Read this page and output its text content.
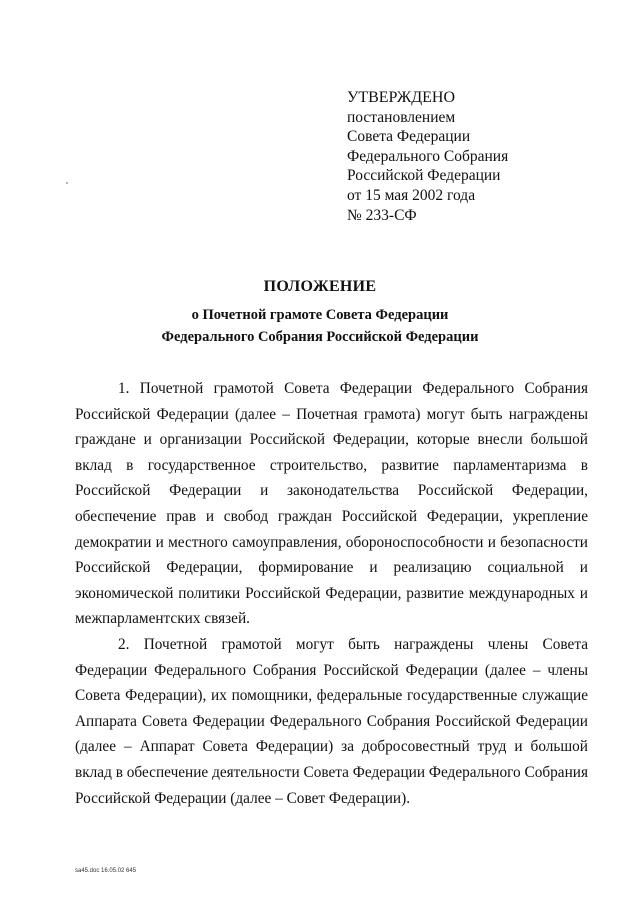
УТВЕРЖДЕНО
постановлением
Совета Федерации
Федерального Собрания
Российской Федерации
от 15 мая 2002 года
№ 233-СФ
ПОЛОЖЕНИЕ
о Почетной грамоте Совета Федерации
Федерального Собрания Российской Федерации

1. Почетной грамотой Совета Федерации Федерального Собрания Российской Федерации (далее – Почетная грамота) могут быть награждены граждане и организации Российской Федерации, которые внесли большой вклад в государственное строительство, развитие парламентаризма в Российской Федерации и законодательства Российской Федерации, обеспечение прав и свобод граждан Российской Федерации, укрепление демократии и местного самоуправления, обороноспособности и безопасности Российской Федерации, формирование и реализацию социальной и экономической политики Российской Федерации, развитие международных и межпарламентских связей.

2. Почетной грамотой могут быть награждены члены Совета Федерации Федерального Собрания Российской Федерации (далее – члены Совета Федерации), их помощники, федеральные государственные служащие Аппарата Совета Федерации Федерального Собрания Российской Федерации (далее – Аппарат Совета Федерации) за добросовестный труд и большой вклад в обеспечение деятельности Совета Федерации Федерального Собрания Российской Федерации (далее – Совет Федерации).

sa45.doc 16.05.02 645
